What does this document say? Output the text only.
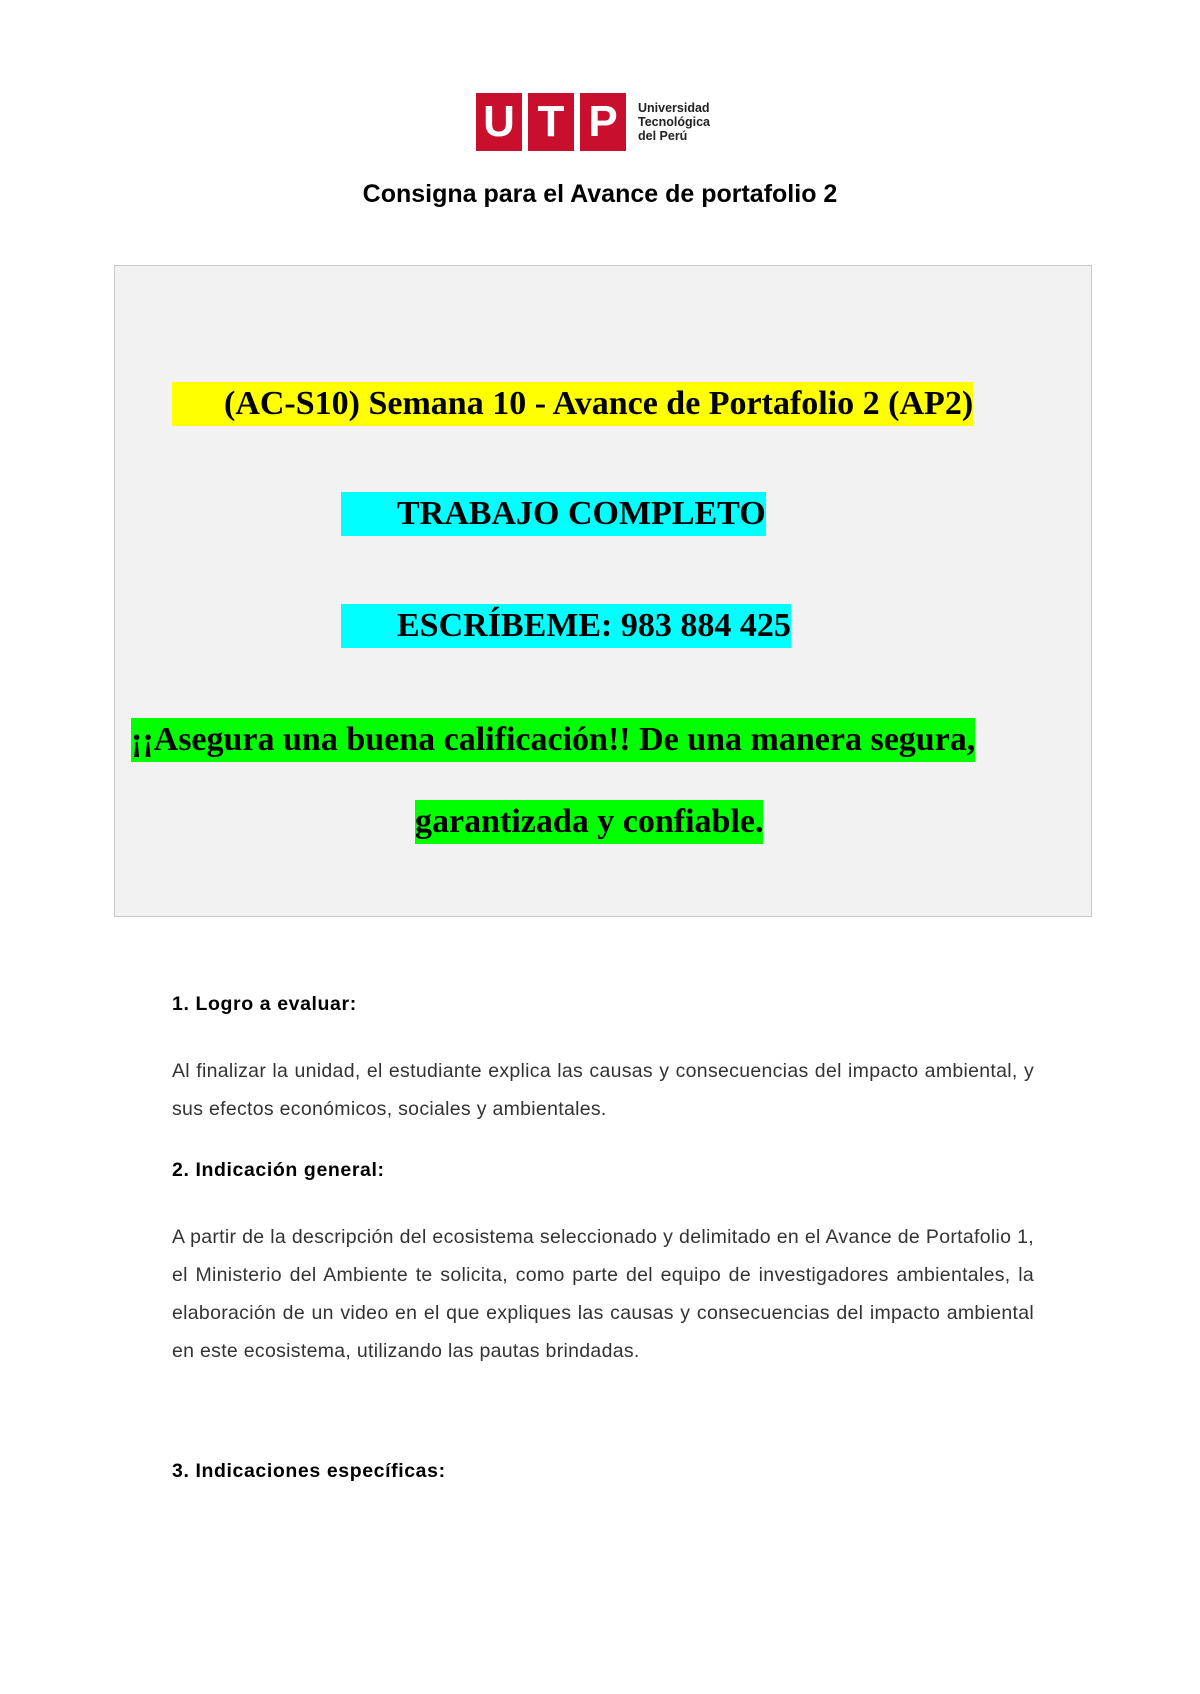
U T P	Universidad
Tecnológica
del Perú
Consigna para el Avance de portafolio 2
(AC-S10) Semana 10 - Avance de Portafolio 2 (AP2)
TRABAJO COMPLETO
ESCRÍBEME: 983 884 425
¡¡Asegura una buena calificación!! De una manera segura,
garantizada y confiable.
1. Logro a evaluar:
Al finalizar la unidad, el estudiante explica las causas y consecuencias del impacto ambiental, y sus efectos económicos, sociales y ambientales.
2. Indicación general:
A partir de la descripción del ecosistema seleccionado y delimitado en el Avance de Portafolio 1, el Ministerio del Ambiente te solicita, como parte del equipo de investigadores ambientales, la elaboración de un video en el que expliques las causas y consecuencias del impacto ambiental en este ecosistema, utilizando las pautas brindadas.
3. Indicaciones específicas:
